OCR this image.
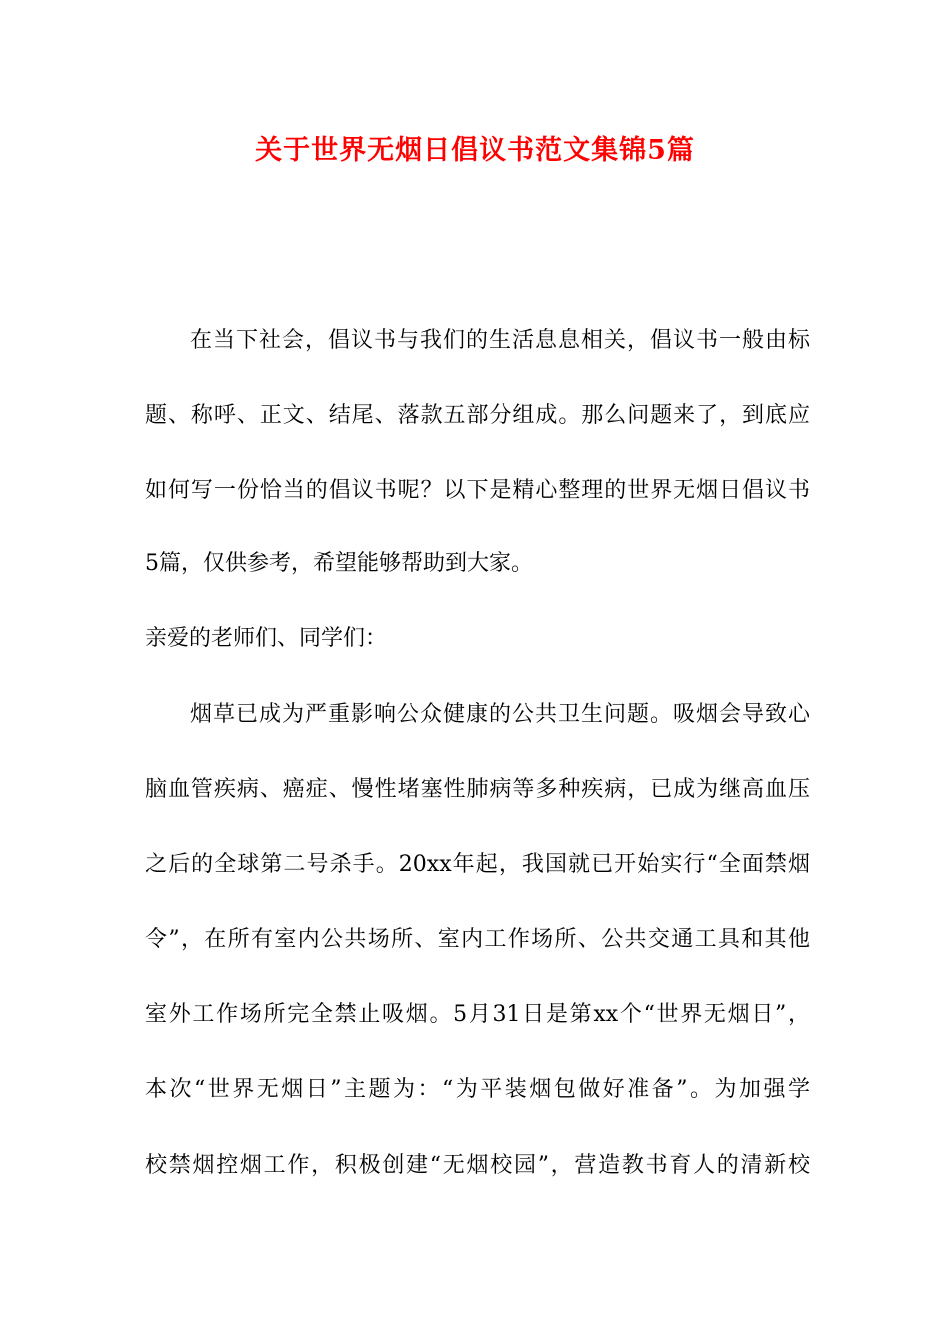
关于世界无烟日倡议书范文集锦5篇

在当下社会，倡议书与我们的生活息息相关，倡议书一般由标

题、称呼、正文、结尾、落款五部分组成。那么问题来了，到底应

如何写一份恰当的倡议书呢？以下是精心整理的世界无烟日倡议书

5篇，仅供参考，希望能够帮助到大家。

亲爱的老师们、同学们：

烟草已成为严重影响公众健康的公共卫生问题。吸烟会导致心

脑血管疾病、癌症、慢性堵塞性肺病等多种疾病，已成为继高血压

之后的全球第二号杀手。20xx年起，我国就已开始实行“全面禁烟

令”，在所有室内公共场所、室内工作场所、公共交通工具和其他

室外工作场所完全禁止吸烟。5月31日是第xx个“世界无烟日”，

本次“世界无烟日”主题为：“为平装烟包做好准备”。为加强学

校禁烟控烟工作，积极创建“无烟校园”，营造教书育人的清新校
